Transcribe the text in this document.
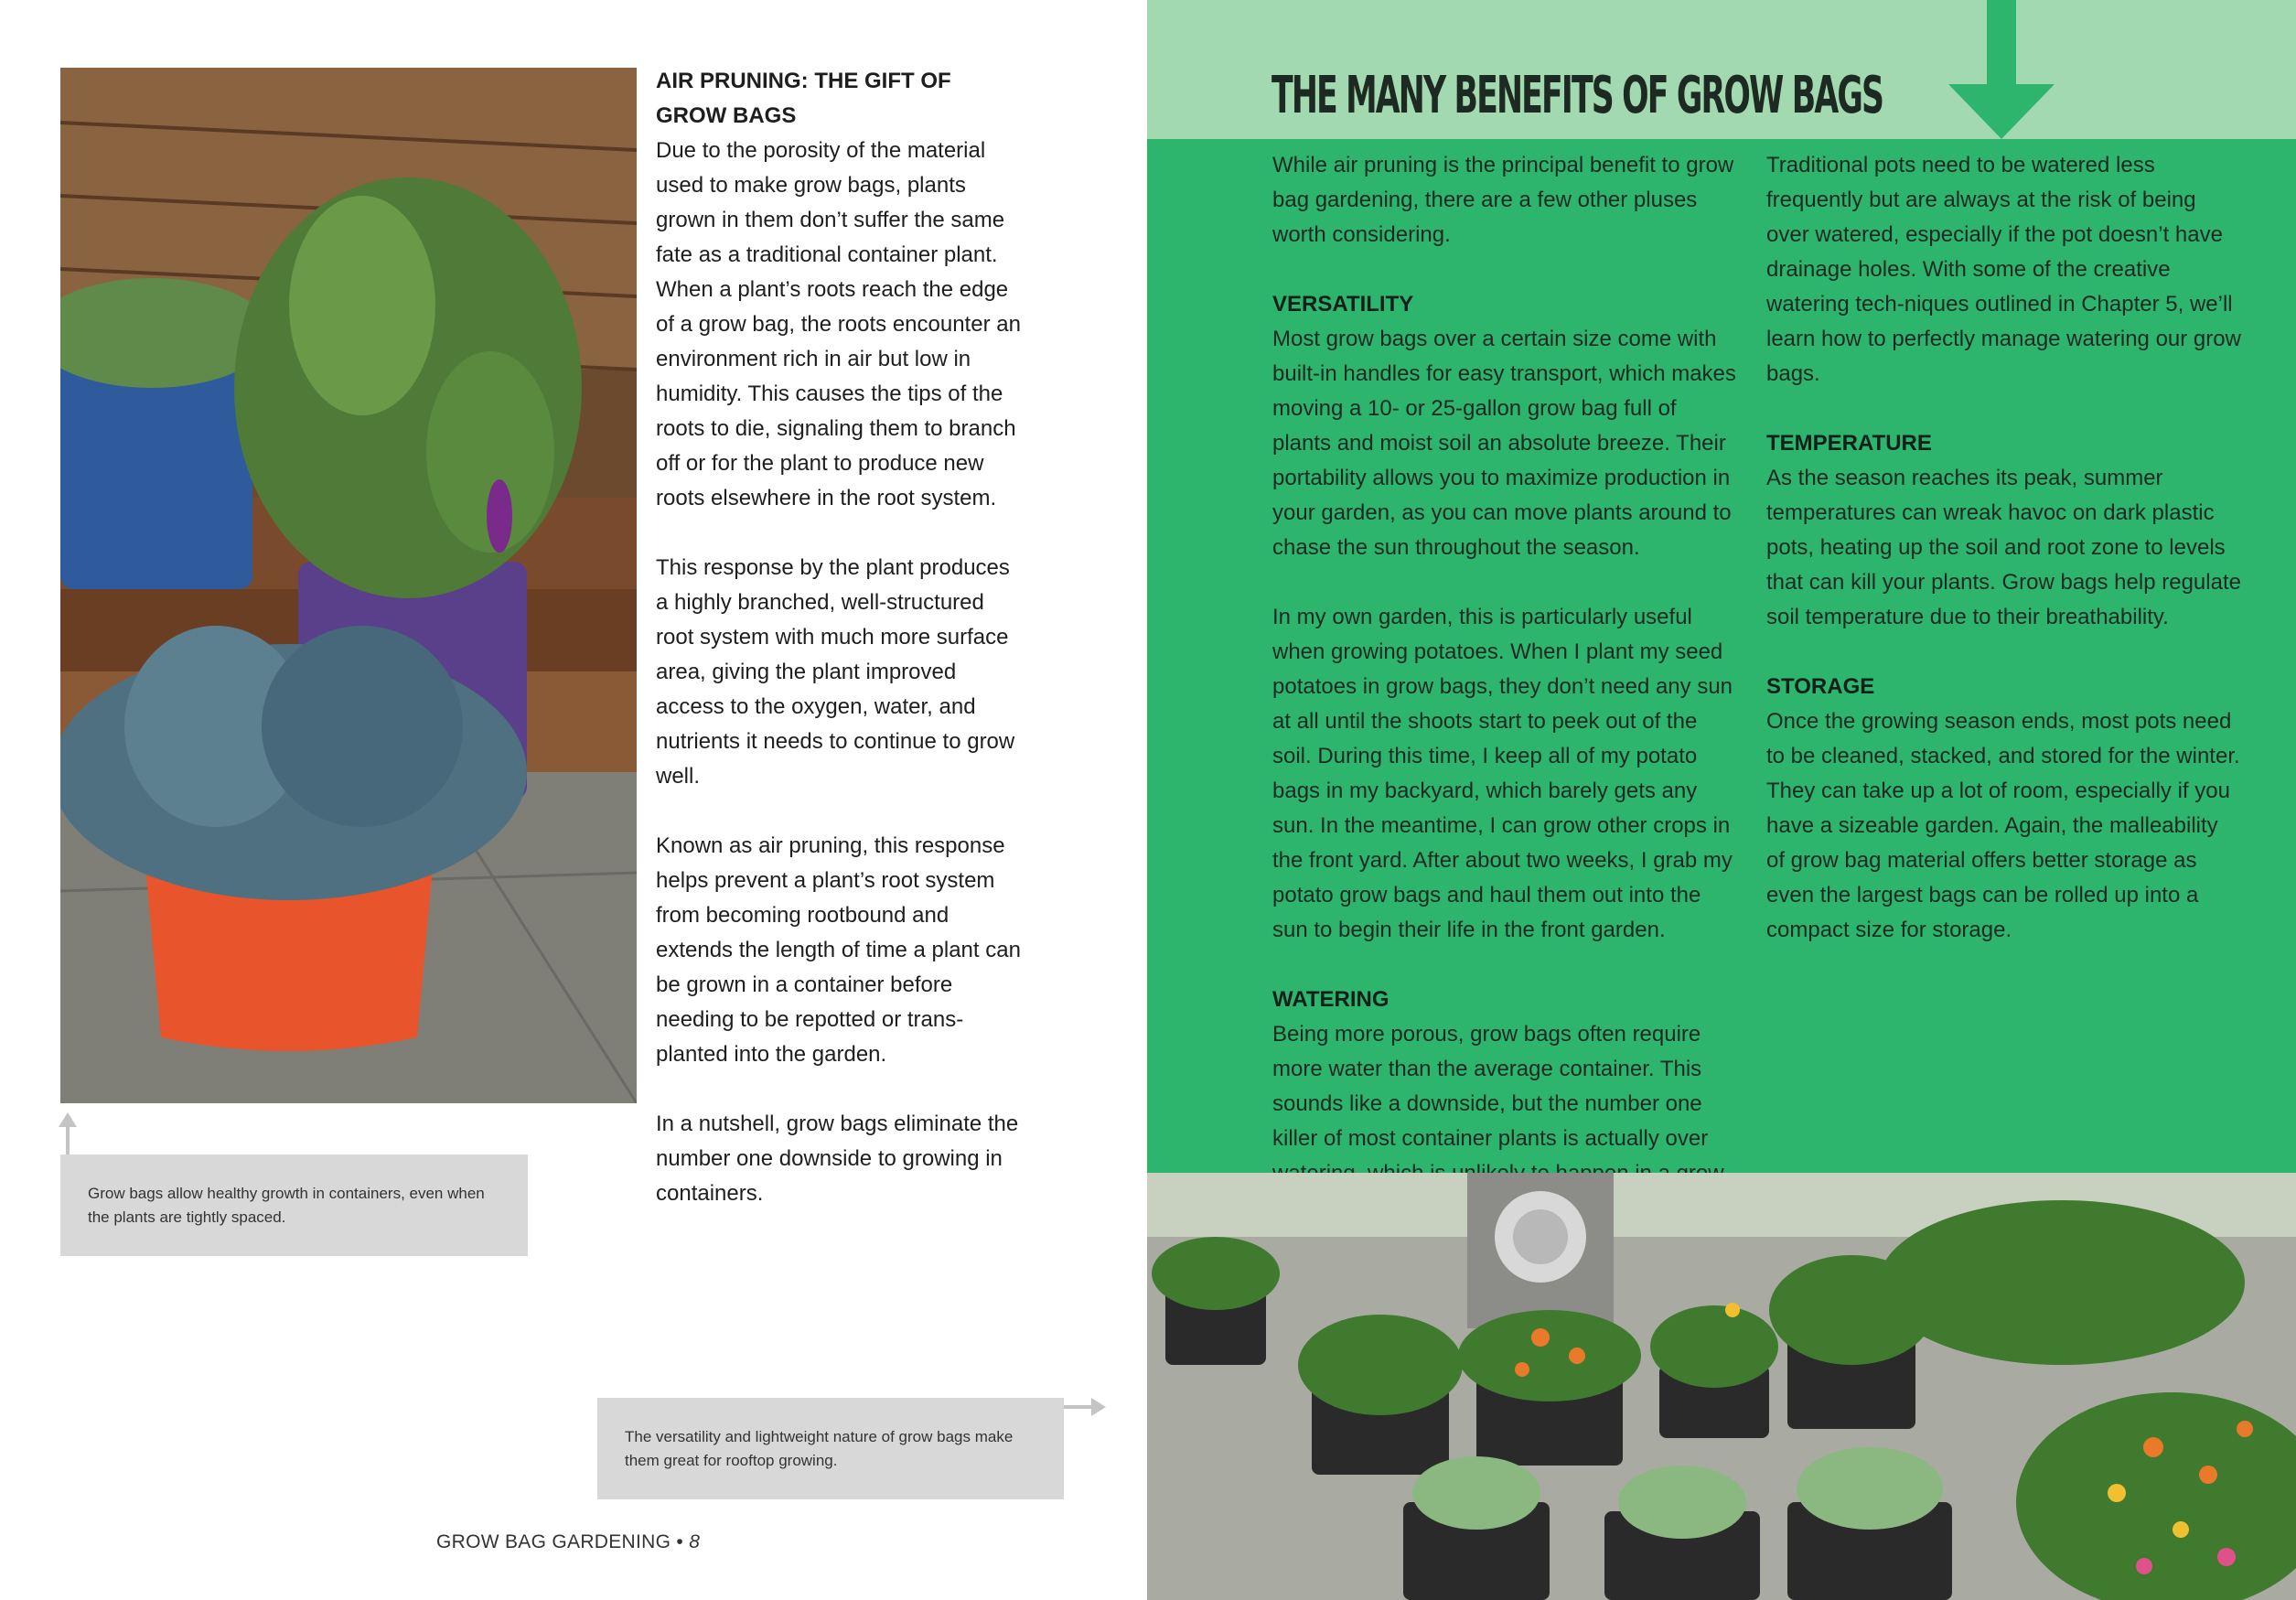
AIR PRUNING: THE GIFT OF GROW BAGS

Due to the porosity of the material used to make grow bags, plants grown in them don’t suffer the same fate as a traditional container plant. When a plant’s roots reach the edge of a grow bag, the roots encounter an environment rich in air but low in humidity. This causes the tips of the roots to die, signaling them to branch off or for the plant to produce new roots elsewhere in the root system.

This response by the plant produces a highly branched, well-structured root system with much more surface area, giving the plant improved access to the oxygen, water, and nutrients it needs to continue to grow well.

Known as air pruning, this response helps prevent a plant’s root system from becoming rootbound and extends the length of time a plant can be grown in a container before needing to be repotted or trans-planted into the garden.

In a nutshell, grow bags eliminate the number one downside to growing in containers.

Grow bags allow healthy growth in containers, even when the plants are tightly spaced.
The versatility and lightweight nature of grow bags make them great for rooftop growing.
GROW BAG GARDENING • 8
THE MANY BENEFITS OF GROW BAGS

While air pruning is the principal benefit to grow bag gardening, there are a few other pluses worth considering.

VERSATILITY

Most grow bags over a certain size come with built-in handles for easy transport, which makes moving a 10- or 25-gallon grow bag full of plants and moist soil an absolute breeze. Their portability allows you to maximize production in your garden, as you can move plants around to chase the sun throughout the season.

In my own garden, this is particularly useful when growing potatoes. When I plant my seed potatoes in grow bags, they don’t need any sun at all until the shoots start to peek out of the soil. During this time, I keep all of my potato bags in my backyard, which barely gets any sun. In the meantime, I can grow other crops in the front yard. After about two weeks, I grab my potato grow bags and haul them out into the sun to begin their life in the front garden.

WATERING

Being more porous, grow bags often require more water than the average container. This sounds like a downside, but the number one killer of most container plants is actually over

Traditional pots need to be watered less frequently but are always at the risk of being over watered, especially if the pot doesn’t have drainage holes. With some of the creative watering tech-niques outlined in Chapter 5, we’ll learn how to perfectly manage watering our grow bags.

TEMPERATURE

As the season reaches its peak, summer temperatures can wreak havoc on dark plastic pots, heating up the soil and root zone to levels that can kill your plants. Grow bags help regulate soil temperature due to their breathability.

STORAGE

Once the growing season ends, most pots need to be cleaned, stacked, and stored for the winter. They can take up a lot of room, especially if you have a sizeable garden. Again, the malleability of grow bag material offers better storage as even the largest bags can be rolled up into a compact size for storage.
